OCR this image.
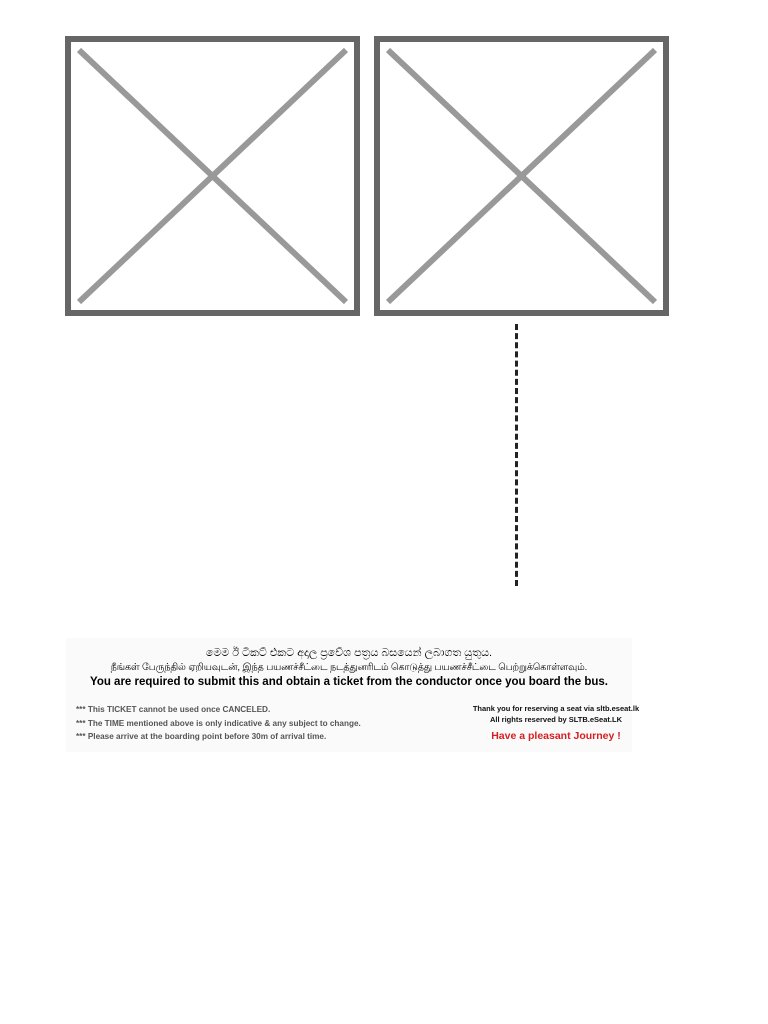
මෙම ඊ ටිකට් එකට අදාල ප්‍රවේශ පත්‍රය බසයෙන් ලබාගත යුතුය.
நீங்கள் பேருந்தில் ஏறியவுடன், இந்த பயணச்சீட்டை நடத்துனரிடம் கொடுத்து பயணச்சீட்டை பெற்றுக்கொள்ளவும்.
You are required to submit this and obtain a ticket from the conductor once you board the bus.
*** This TICKET cannot be used once CANCELED.
*** The TIME mentioned above is only indicative & any subject to change.
*** Please arrive at the boarding point before 30m of arrival time.
Thank you for reserving a seat via sltb.eseat.lk
All rights reserved by SLTB.eSeat.LK
Have a pleasant Journey !
